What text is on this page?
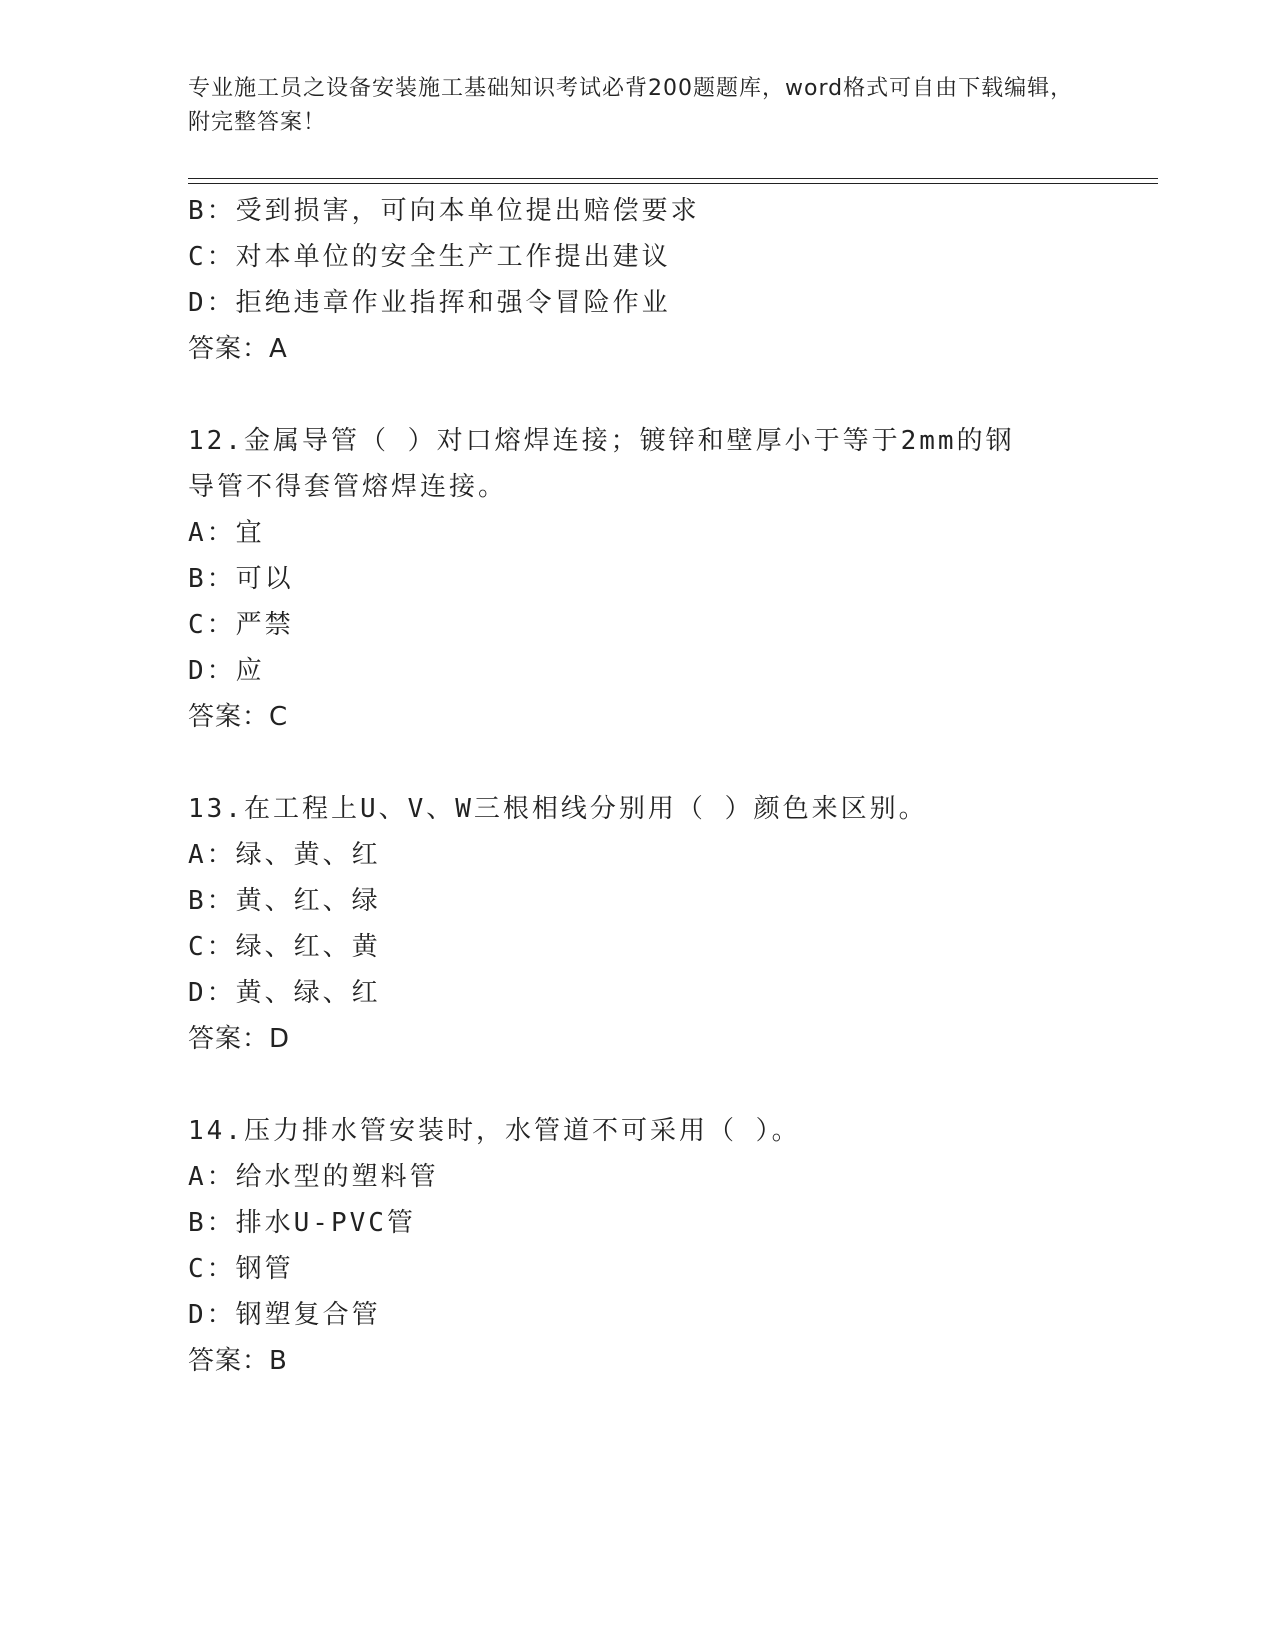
专业施工员之设备安装施工基础知识考试必背200题题库，word格式可自由下载编辑，附完整答案！
B：受到损害，可向本单位提出赔偿要求
C：对本单位的安全生产工作提出建议
D：拒绝违章作业指挥和强令冒险作业
答案：A
12.金属导管（ ）对口熔焊连接；镀锌和壁厚小于等于2mm的钢导管不得套管熔焊连接。
A：宜
B：可以
C：严禁
D：应
答案：C
13.在工程上U、V、W三根相线分别用（ ）颜色来区别。
A：绿、黄、红
B：黄、红、绿
C：绿、红、黄
D：黄、绿、红
答案：D
14.压力排水管安装时，水管道不可采用（ ）。
A：给水型的塑料管
B：排水U-PVC管
C：钢管
D：钢塑复合管
答案：B
